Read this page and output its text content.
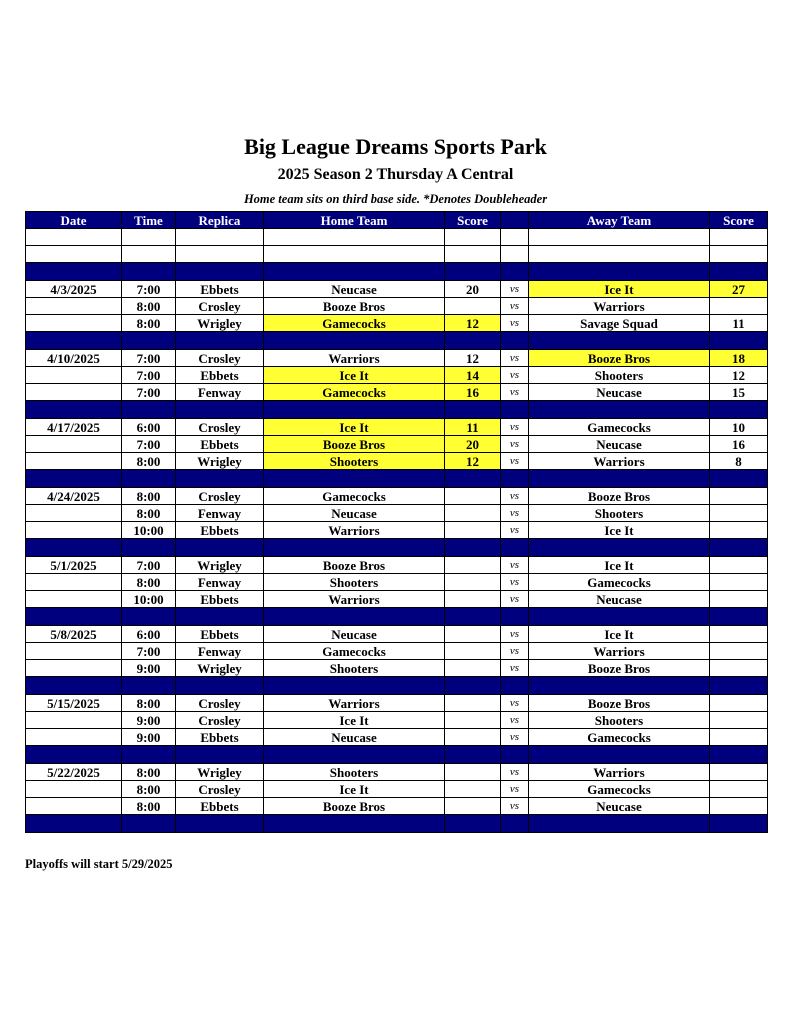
Big League Dreams Sports Park
2025 Season 2 Thursday A Central
Home team sits on third base side. *Denotes Doubleheader
Date	Time	Replica	Home Team	Score		Away Team	Score

4/3/2025	7:00	Ebbets	Neucase	20	vs	Ice It	27
	8:00	Crosley	Booze Bros		vs	Warriors	
	8:00	Wrigley	Gamecocks	12	vs	Savage Squad	11

4/10/2025	7:00	Crosley	Warriors	12	vs	Booze Bros	18
	7:00	Ebbets	Ice It	14	vs	Shooters	12
	7:00	Fenway	Gamecocks	16	vs	Neucase	15

4/17/2025	6:00	Crosley	Ice It	11	vs	Gamecocks	10
	7:00	Ebbets	Booze Bros	20	vs	Neucase	16
	8:00	Wrigley	Shooters	12	vs	Warriors	8

4/24/2025	8:00	Crosley	Gamecocks		vs	Booze Bros	
	8:00	Fenway	Neucase		vs	Shooters	
	10:00	Ebbets	Warriors		vs	Ice It	

5/1/2025	7:00	Wrigley	Booze Bros		vs	Ice It	
	8:00	Fenway	Shooters		vs	Gamecocks	
	10:00	Ebbets	Warriors		vs	Neucase	

5/8/2025	6:00	Ebbets	Neucase		vs	Ice It	
	7:00	Fenway	Gamecocks		vs	Warriors	
	9:00	Wrigley	Shooters		vs	Booze Bros	

5/15/2025	8:00	Crosley	Warriors		vs	Booze Bros	
	9:00	Crosley	Ice It		vs	Shooters	
	9:00	Ebbets	Neucase		vs	Gamecocks	

5/22/2025	8:00	Wrigley	Shooters		vs	Warriors	
	8:00	Crosley	Ice It		vs	Gamecocks	
	8:00	Ebbets	Booze Bros		vs	Neucase	

Playoffs will start 5/29/2025
